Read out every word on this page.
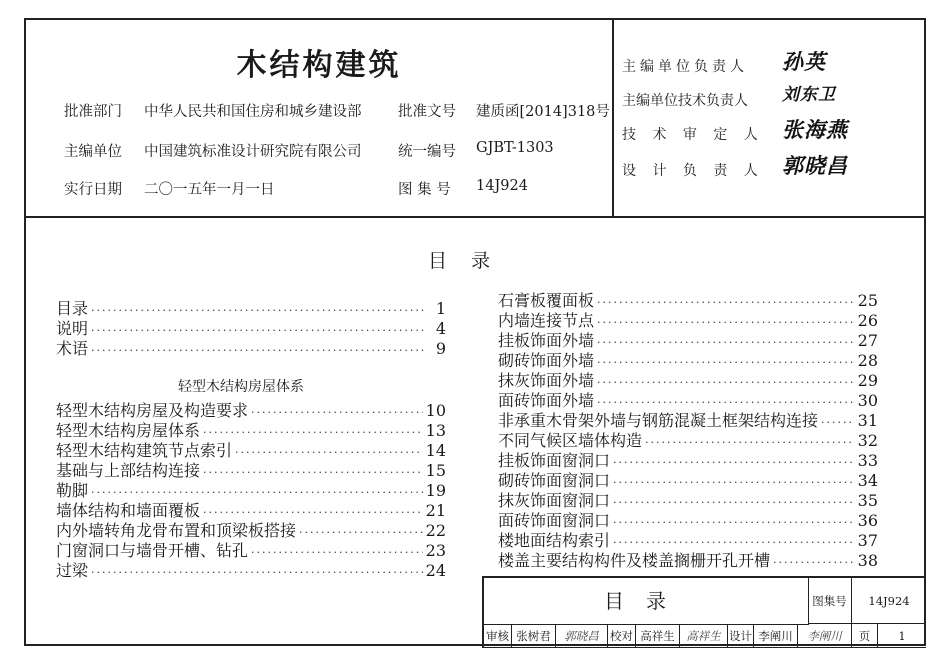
木结构建筑
批准部门 中华人民共和国住房和城乡建设部	批准文号 建质函[2014]318号
主编单位 中国建筑标准设计研究院有限公司	统一编号 GJBT-1303
实行日期 二〇一五年一月一日	图 集 号 14J924
主编单位负责人 孙英
主编单位技术负责人 刘东卫
技 术 审 定 人 张海燕
设 计 负 责 人 郭晓昌
目    录
目录 ·····	1
说明 ·····	4
术语 ·····	9
轻型木结构房屋体系
轻型木结构房屋及构造要求 ·····	10
轻型木结构房屋体系 ·····	13
轻型木结构建筑节点索引 ·····	14
基础与上部结构连接 ·····	15
勒脚 ·····	19
墙体结构和墙面覆板 ·····	21
内外墙转角龙骨布置和顶梁板搭接 ·····	22
门窗洞口与墙骨开槽、钻孔 ·····	23
过梁 ·····	24
石膏板覆面板 ·····	25
内墙连接节点 ·····	26
挂板饰面外墙 ·····	27
砌砖饰面外墙 ·····	28
抹灰饰面外墙 ·····	29
面砖饰面外墙 ·····	30
非承重木骨架外墙与钢筋混凝土框架结构连接 ····· 31
不同气候区墙体构造 ·····	32
挂板饰面窗洞口 ·····	33
砌砖饰面窗洞口 ·····	34
抹灰饰面窗洞口 ·····	35
面砖饰面窗洞口 ·····	36
楼地面结构索引 ·····	37
楼盖主要结构构件及楼盖搁栅开孔开槽 ·····	38
目录	图集号	14J924
审核 张树君	郭晓昌 校对 高祥生	高祥生 设计 李阐川	李阐川	页	1
